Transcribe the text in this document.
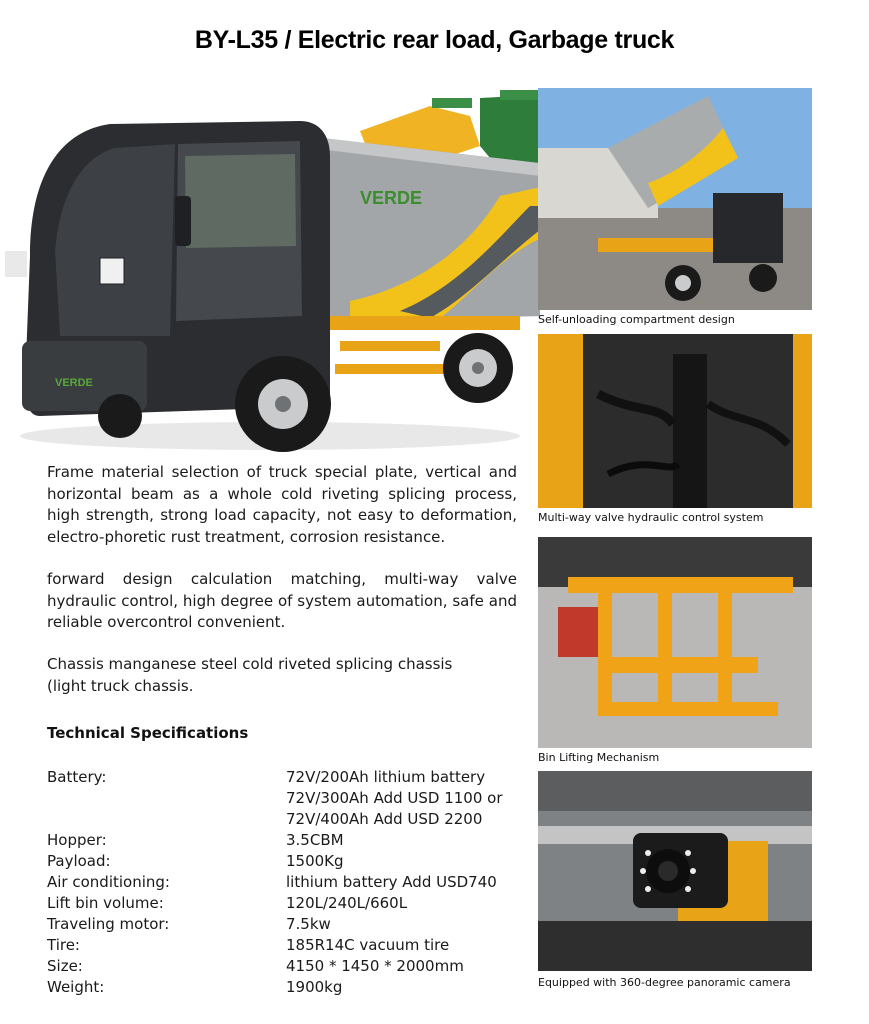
BY-L35 / Electric rear load, Garbage truck
VERDE
VERDE

Frame material selection of truck special plate, vertical and horizontal beam as a whole cold riveting splicing process, high strength, strong load capacity, not easy to deformation, electro-phoretic rust treatment, corrosion resistance.

forward design calculation matching, multi-way valve hydraulic control, high degree of system automation, safe and reliable overcontrol convenient.

Chassis manganese steel cold riveted splicing chassis (light truck chassis.

Technical Specifications
Battery:	72V/200Ah lithium battery
72V/300Ah Add USD 1100 or
72V/400Ah Add USD 2200
Hopper:	3.5CBM
Payload:	1500Kg
Air conditioning:	lithium battery Add USD740
Lift bin volume:	120L/240L/660L
Traveling motor:	7.5kw
Tire:	185R14C vacuum tire
Size:	4150 * 1450 * 2000mm
Weight:	1900kg
Self-unloading compartment design
Multi-way valve hydraulic control system
Bin Lifting Mechanism
Equipped with 360-degree panoramic camera
